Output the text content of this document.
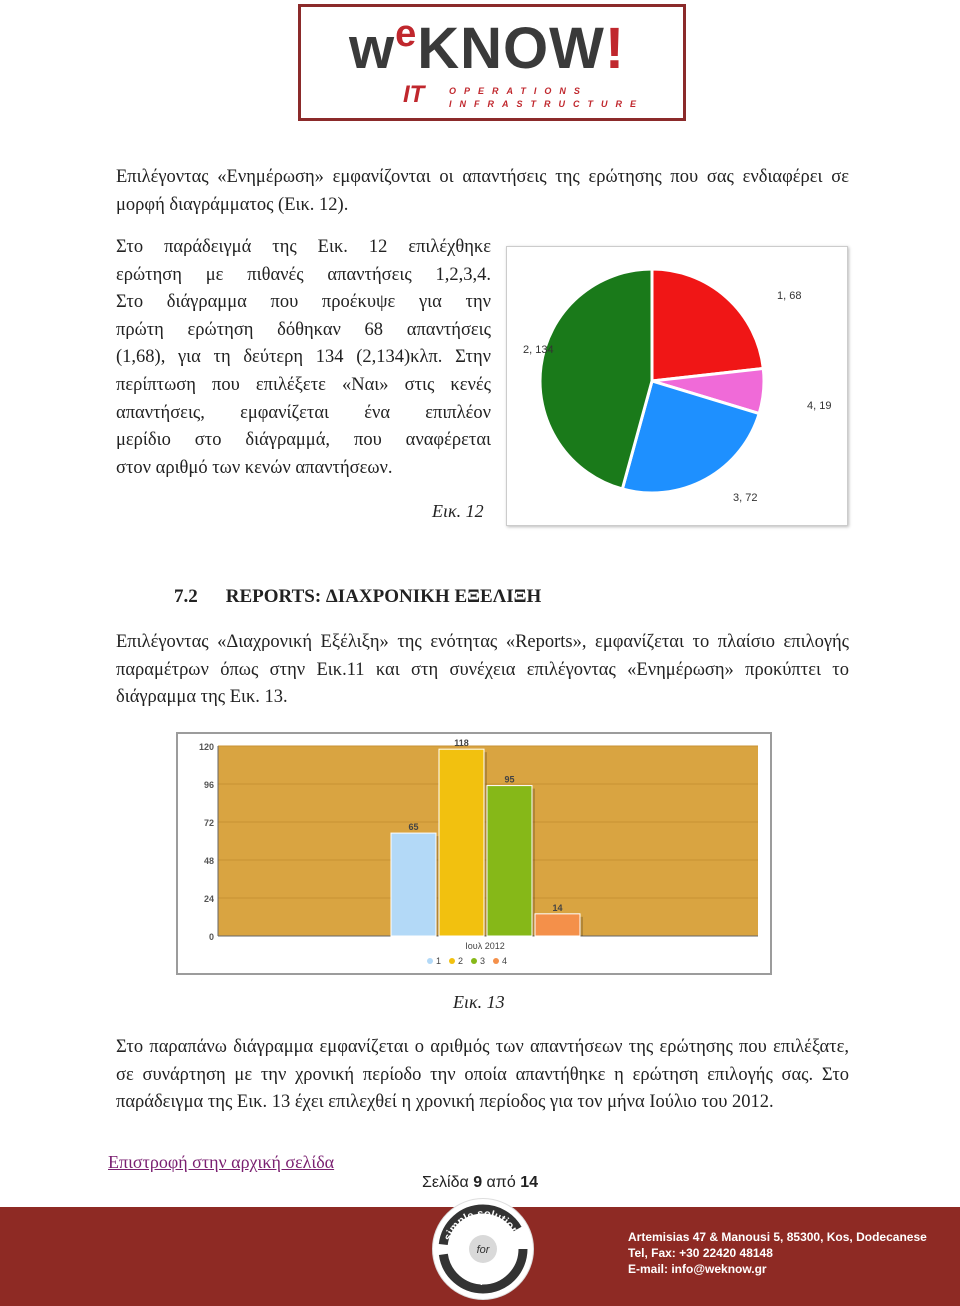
$w^eKNOW$!
IT	OPERATIONS
INFRASTRUCTURE

Επιλέγοντας «Ενημέρωση» εμφανίζονται οι απαντήσεις της ερώτησης που σας ενδιαφέρει σε μορφή διαγράμματος (Εικ. 12).

Στο παράδειγμά της Εικ. 12 επιλέχθηκε
ερώτηση με πιθανές απαντήσεις 1,2,3,4.
Στο διάγραμμα που προέκυψε για την
πρώτη ερώτηση δόθηκαν 68 απαντήσεις
(1,68), για τη δεύτερη 134 (2,134)κλπ. Στην
περίπτωση που επιλέξετε «Ναι» στις κενές
απαντήσεις, εμφανίζεται ένα επιπλέον
μερίδιο στο διάγραμμά, που αναφέρεται
στον αριθμό των κενών απαντήσεων.
1, 68
4, 19
3, 72
2, 134
Εικ. 12
7.2 REPORTS: ΔΙΑΧΡΟΝΙΚΗ ΕΞΕΛΙΞΗ

Επιλέγοντας «Διαχρονική Εξέλιξη» της ενότητας «Reports», εμφανίζεται το πλαίσιο επιλογής παραμέτρων όπως στην Εικ.11 και στη συνέχεια επιλέγοντας «Ενημέρωση» προκύπτει το διάγραμμα της Εικ. 13.

0
24
48
72
96
120
65
118
95
14
Ιουλ 2012
1 2 3 4
Εικ. 13

Στο παραπάνω διάγραμμα εμφανίζεται ο αριθμός των απαντήσεων της ερώτησης που επιλέξατε, σε συνάρτηση με την χρονική περίοδο την οποία απαντήθηκε η ερώτηση επιλογής σας. Στο παράδειγμα της Εικ. 13 έχει επιλεχθεί η χρονική περίοδος για τον μήνα Ιούλιο του 2012.

Επιστροφή στην αρχική σελίδα
Σελίδα 9 από 14
simple solutions
difficult problems
for
Artemisias 47 & Manousi 5, 85300, Kos, Dodecanese
Tel, Fax: +30 22420 48148
E-mail: info@weknow.gr
